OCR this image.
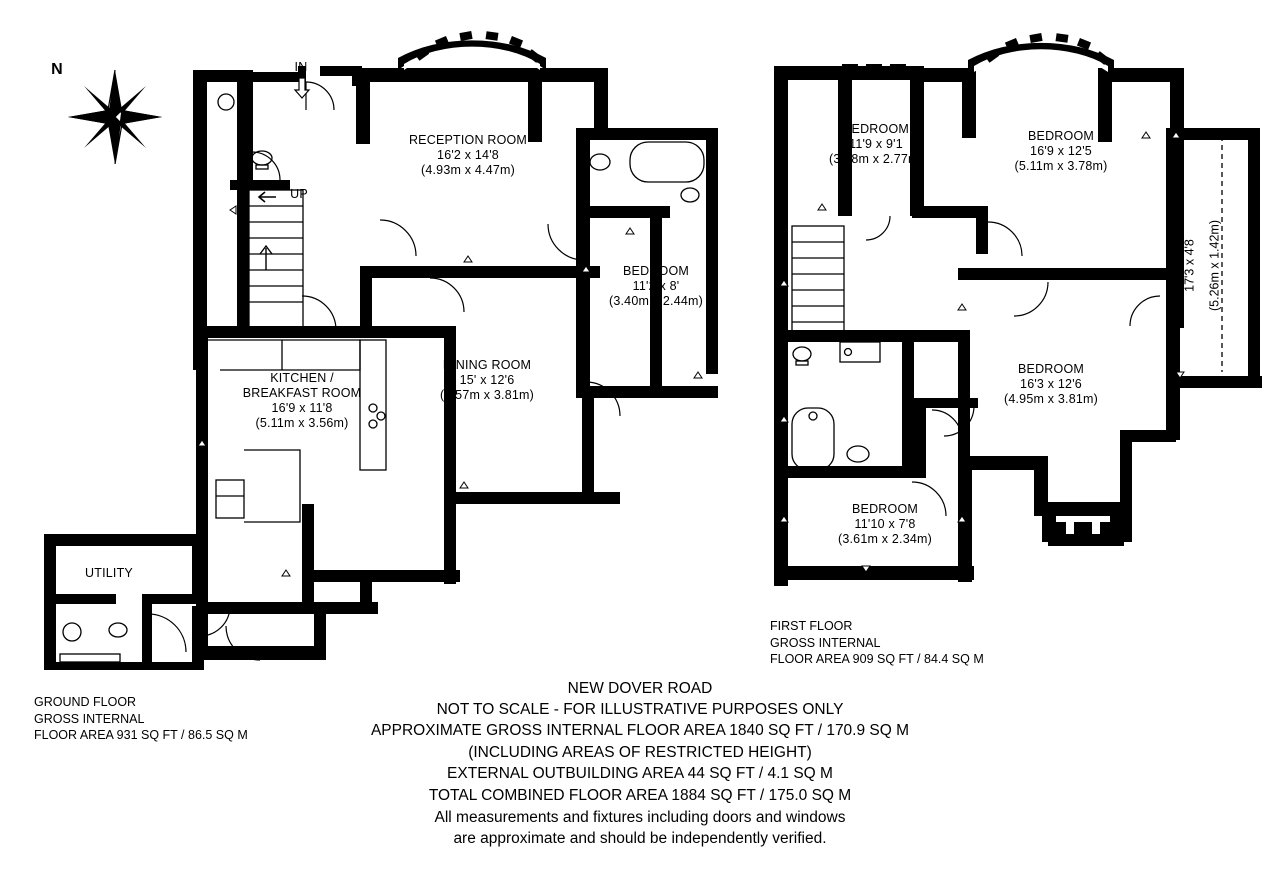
N
RECEPTION ROOM
16'2 x 14'8
(4.93m x 4.47m)
BEDROOM
11'2 x 8'
(3.40m x 2.44m)
DINING ROOM
15' x 12'6
(4.57m x 3.81m)
KITCHEN /
BREAKFAST ROOM
16'9 x 11'8
(5.11m x 3.56m)
UTILITY
IN
UP
GROUND FLOOR
GROSS INTERNAL
FLOOR AREA 931 SQ FT / 86.5 SQ M
BEDROOM
11'9 x 9'1
(3.58m x 2.77m)
BEDROOM
16'9 x 12'5
(5.11m x 3.78m)
BEDROOM
16'3 x 12'6
(4.95m x 3.81m)
BEDROOM
11'10 x 7'8
(3.61m x 2.34m)
EAVES STORAGE 17'3 x 4'8 (5.26m x 1.42m)
FIRST FLOOR
GROSS INTERNAL
FLOOR AREA 909 SQ FT / 84.4 SQ M
NEW DOVER ROAD
NOT TO SCALE - FOR ILLUSTRATIVE PURPOSES ONLY
APPROXIMATE GROSS INTERNAL FLOOR AREA 1840 SQ FT / 170.9 SQ M
(INCLUDING AREAS OF RESTRICTED HEIGHT)
EXTERNAL OUTBUILDING AREA 44 SQ FT / 4.1 SQ M
TOTAL COMBINED FLOOR AREA 1884 SQ FT / 175.0 SQ M
All measurements and fixtures including doors and windows
are approximate and should be independently verified.
